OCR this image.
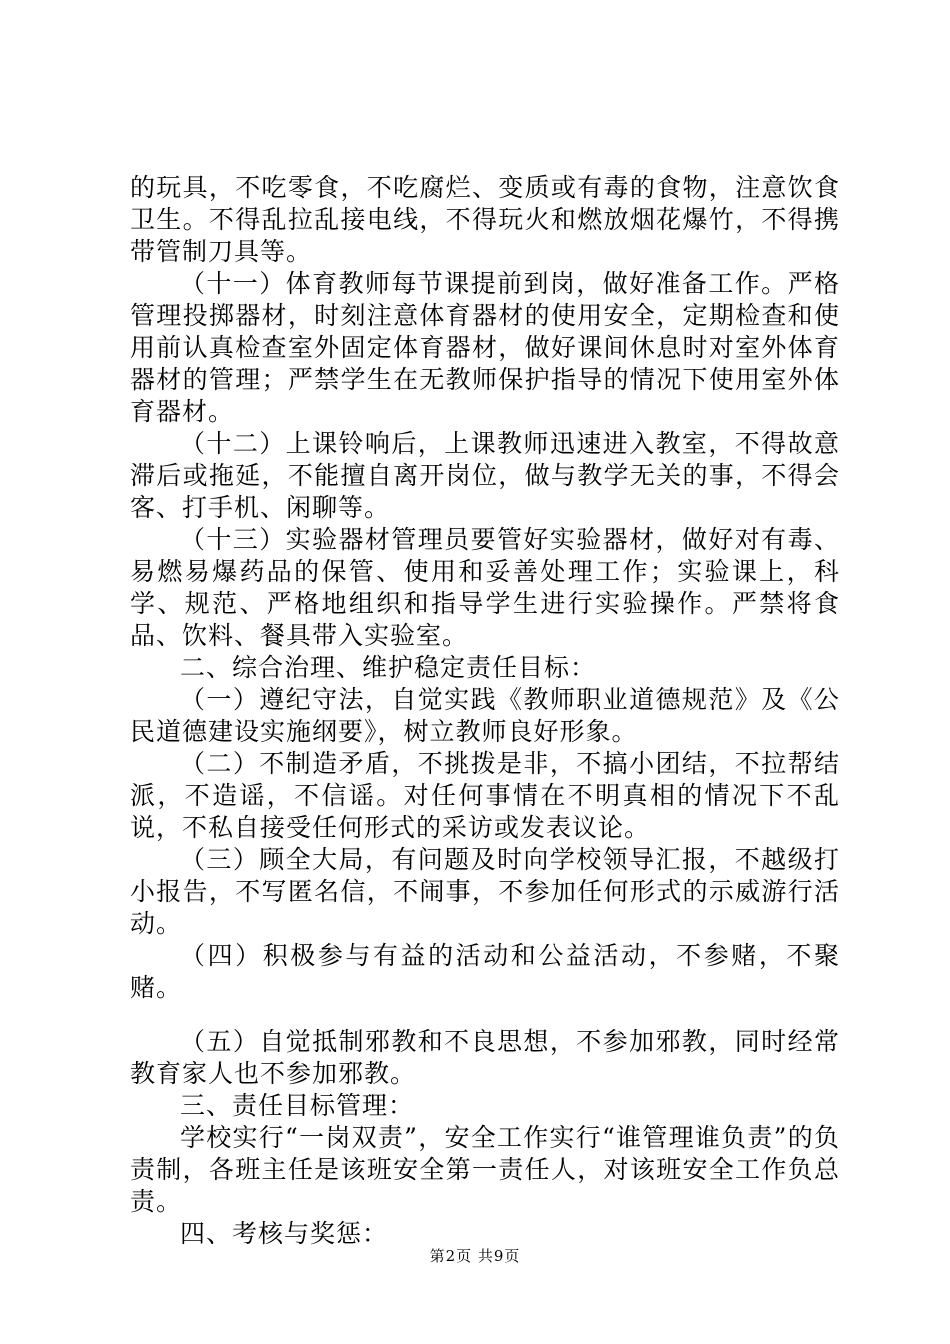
的玩具，不吃零食，不吃腐烂、变质或有毒的食物，注意饮食卫生。不得乱拉乱接电线，不得玩火和燃放烟花爆竹，不得携带管制刀具等。

（十一）体育教师每节课提前到岗，做好准备工作。严格管理投掷器材，时刻注意体育器材的使用安全，定期检查和使用前认真检查室外固定体育器材，做好课间休息时对室外体育器材的管理；严禁学生在无教师保护指导的情况下使用室外体育器材。

（十二）上课铃响后，上课教师迅速进入教室，不得故意滞后或拖延，不能擅自离开岗位，做与教学无关的事，不得会客、打手机、闲聊等。

（十三）实验器材管理员要管好实验器材，做好对有毒、易燃易爆药品的保管、使用和妥善处理工作；实验课上，科学、规范、严格地组织和指导学生进行实验操作。严禁将食品、饮料、餐具带入实验室。

二、综合治理、维护稳定责任目标：

（一）遵纪守法，自觉实践《教师职业道德规范》及《公民道德建设实施纲要》，树立教师良好形象。

（二）不制造矛盾，不挑拨是非，不搞小团结，不拉帮结派，不造谣，不信谣。对任何事情在不明真相的情况下不乱说，不私自接受任何形式的采访或发表议论。

（三）顾全大局，有问题及时向学校领导汇报，不越级打小报告，不写匿名信，不闹事，不参加任何形式的示威游行活动。

（四）积极参与有益的活动和公益活动，不参赌，不聚赌。

（五）自觉抵制邪教和不良思想，不参加邪教，同时经常教育家人也不参加邪教。

三、责任目标管理：

学校实行“一岗双责”，安全工作实行“谁管理谁负责”的负责制，各班主任是该班安全第一责任人，对该班安全工作负总责。

四、考核与奖惩：

第2页 共9页
